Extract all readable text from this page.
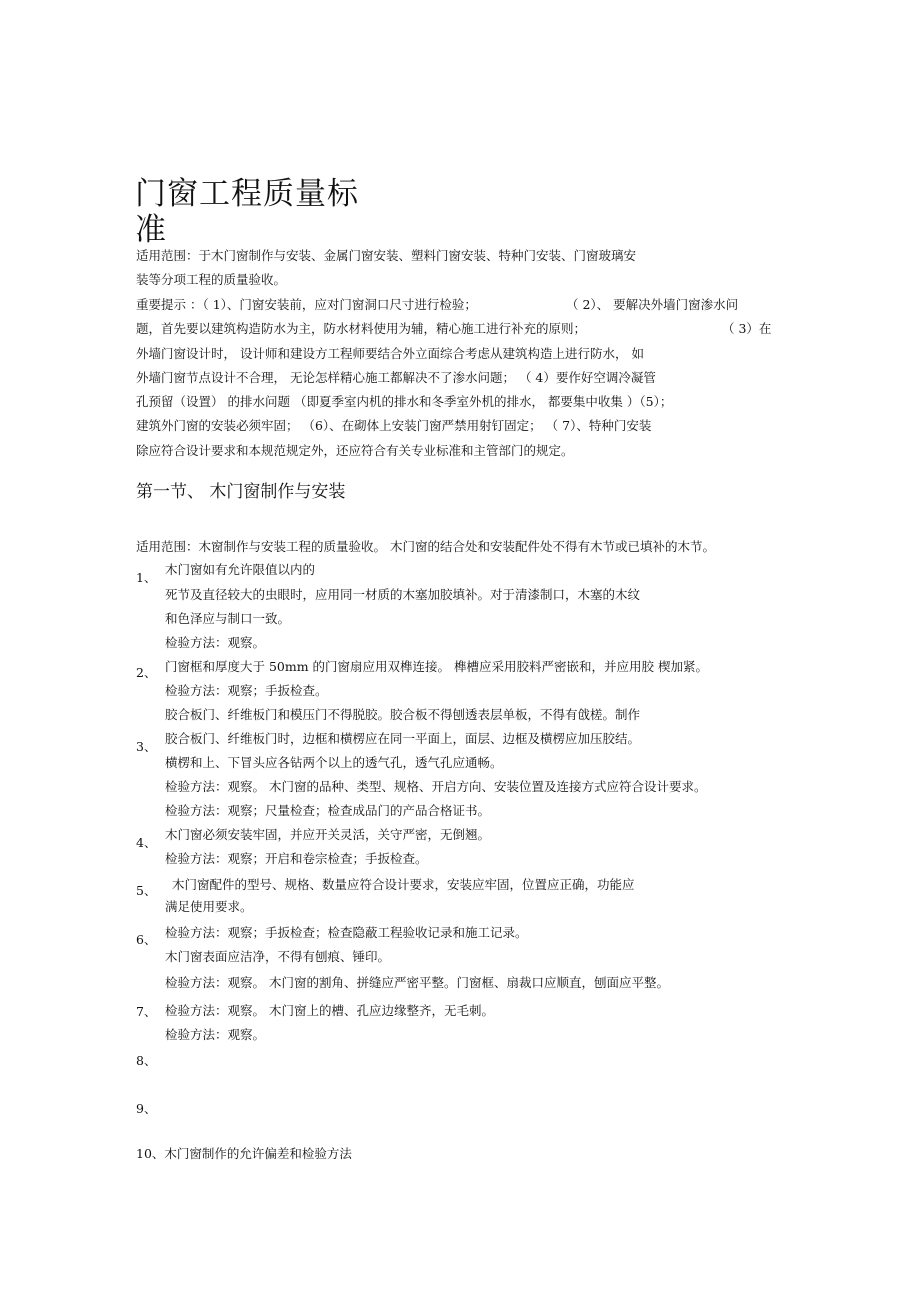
门窗工程质量标
准
适用范围：于木门窗制作与安装、金属门窗安装、塑料门窗安装、特种门安装、门窗玻璃安
装等分项工程的质量验收。
重要提示 ：（ 1）、门窗安装前，应对门窗洞口尺寸进行检验；	（ 2）、 要解决外墙门窗渗水问
题，首先要以建筑构造防水为主，防水材料使用为辅，精心施工进行补充的原则；	（ 3）在
外墙门窗设计时， 设计师和建设方工程师要结合外立面综合考虑从建筑构造上进行防水， 如
外墙门窗节点设计不合理， 无论怎样精心施工都解决不了渗水问题； （ 4）要作好空调冷凝管
孔预留（设置） 的排水问题 （即夏季室内机的排水和冬季室外机的排水， 都要集中收集 ）（5）；
建筑外门窗的安装必须牢固； （6）、在砌体上安装门窗严禁用射钉固定； （ 7）、特种门安装
除应符合设计要求和本规范规定外，还应符合有关专业标准和主管部门的规定。
第一节、 木门窗制作与安装
适用范围：木窗制作与安装工程的质量验收。 木门窗的结合处和安装配件处不得有木节或已填补的木节。
1、
2、
3、
4、
5、
6、
7、
8、
9、
10、木门窗制作的允许偏差和检验方法
木门窗如有允许限值以内的
死节及直径较大的虫眼时，应用同一材质的木塞加胶填补。对于清漆制口，木塞的木纹
和色泽应与制口一致。
检验方法：观察。
门窗框和厚度大于 50mm 的门窗扇应用双榫连接。 榫槽应采用胶料严密嵌和，并应用胶 楔加紧。
检验方法：观察；手扳检查。
胶合板门、纤维板门和模压门不得脱胶。胶合板不得刨透表层单板，不得有戗槎。制作
胶合板门、纤维板门时，边框和横楞应在同一平面上，面层、边框及横楞应加压胶结。
横楞和上、下冒头应各钻两个以上的透气孔，透气孔应通畅。
检验方法：观察。 木门窗的品种、类型、规格、开启方向、安装位置及连接方式应符合设计要求。
检验方法：观察；尺量检查；检查成品门的产品合格证书。
木门窗必须安装牢固，并应开关灵活，关守严密，无倒翘。
检验方法：观察；开启和卷宗检查；手扳检查。
木门窗配件的型号、规格、数量应符合设计要求，安装应牢固，位置应正确，功能应
满足使用要求。
检验方法：观察；手扳检查；检查隐蔽工程验收记录和施工记录。
木门窗表面应洁净，不得有刨痕、锤印。
检验方法：观察。 木门窗的割角、拼缝应严密平整。门窗框、扇裁口应顺直，刨面应平整。
检验方法：观察。 木门窗上的槽、孔应边缘整齐，无毛刺。
检验方法：观察。
